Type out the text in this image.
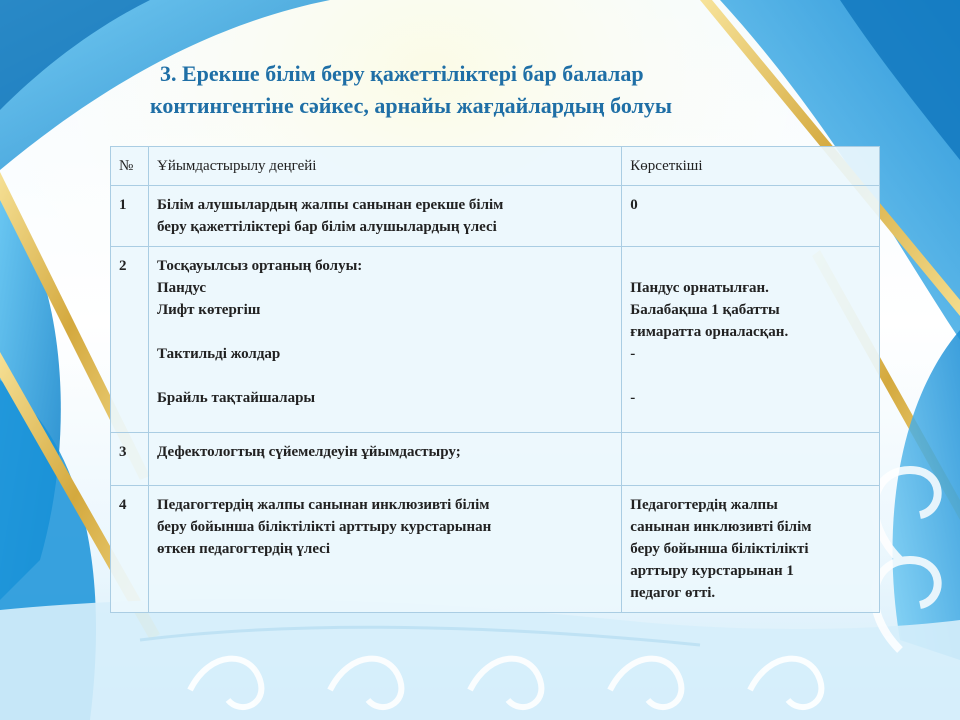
3. Ерекше білім беру қажеттіліктері бар балалар
контингентіне сәйкес, арнайы жағдайлардың болуы
№	Ұйымдастырылу деңгейі	Көрсеткіші
1	Білім алушылардың жалпы санынан ерекше білім
беру қажеттіліктері бар білім алушылардың үлесі	0

2	Тосқауылсыз ортаның болуы:
Пандус
Лифт көтергіш
Тактильді жолдар
Брайль тақтайшалары	Пандус орнатылған.
Балабақша 1 қабатты
ғимаратта орналасқан.
-
-

3	Дефектологтың сүйемелдеуін ұйымдастыру;	

4	Педагогтердің жалпы санынан инклюзивті білім
беру бойынша біліктілікті арттыру курстарынан
өткен педагогтердің үлесі	Педагогтердің жалпы
санынан инклюзивті білім
беру бойынша біліктілікті
арттыру курстарынан 1
педагог өтті.
